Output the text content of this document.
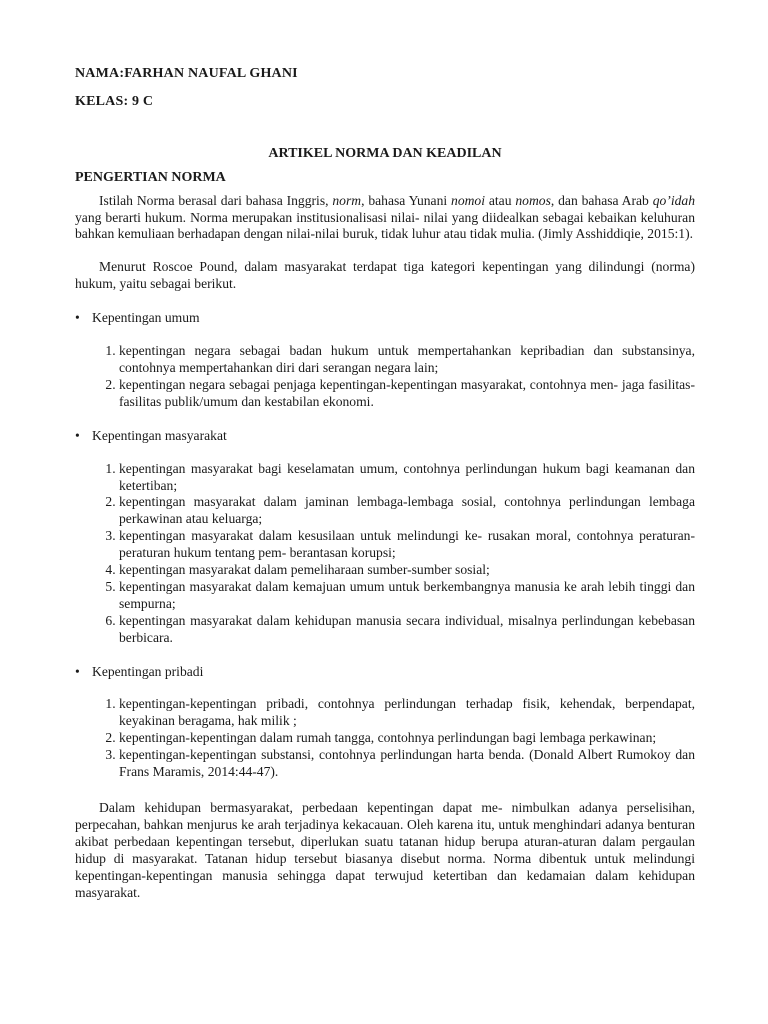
NAMA:FARHAN NAUFAL GHANI
KELAS: 9 C
ARTIKEL NORMA DAN KEADILAN
PENGERTIAN NORMA

Istilah Norma berasal dari bahasa Inggris, norm, bahasa Yunani nomoi atau nomos, dan bahasa Arab qo’idah yang berarti hukum. Norma merupakan institusionalisasi nilai- nilai yang diidealkan sebagai kebaikan keluhuran bahkan kemuliaan berhadapan dengan nilai-nilai buruk, tidak luhur atau tidak mulia. (Jimly Asshiddiqie, 2015:1).

Menurut Roscoe Pound, dalam masyarakat terdapat tiga kategori kepentingan yang dilindungi (norma) hukum, yaitu sebagai berikut.

• Kepentingan umum
1. kepentingan negara sebagai badan hukum untuk mempertahankan kepribadian dan substansinya, contohnya mempertahankan diri dari serangan negara lain;
2. kepentingan negara sebagai penjaga kepentingan-kepentingan masyarakat, contohnya men- jaga fasilitas-fasilitas publik/umum dan kestabilan ekonomi.
• Kepentingan masyarakat
1. kepentingan masyarakat bagi keselamatan umum, contohnya perlindungan hukum bagi keamanan dan ketertiban;
2. kepentingan masyarakat dalam jaminan lembaga-lembaga sosial, contohnya perlindungan lembaga perkawinan atau keluarga;
3. kepentingan masyarakat dalam kesusilaan untuk melindungi ke- rusakan moral, contohnya peraturan-peraturan hukum tentang pem- berantasan korupsi;
4. kepentingan masyarakat dalam pemeliharaan sumber-sumber sosial;
5. kepentingan masyarakat dalam kemajuan umum untuk berkembangnya manusia ke arah lebih tinggi dan sempurna;
6. kepentingan masyarakat dalam kehidupan manusia secara individual, misalnya perlindungan kebebasan berbicara.
• Kepentingan pribadi
1. kepentingan-kepentingan pribadi, contohnya perlindungan terhadap fisik, kehendak, berpendapat, keyakinan beragama, hak milik ;
2. kepentingan-kepentingan dalam rumah tangga, contohnya perlindungan bagi lembaga perkawinan;
3. kepentingan-kepentingan substansi, contohnya perlindungan harta benda. (Donald Albert Rumokoy dan Frans Maramis, 2014:44-47).

Dalam kehidupan bermasyarakat, perbedaan kepentingan dapat me- nimbulkan adanya perselisihan, perpecahan, bahkan menjurus ke arah terjadinya kekacauan. Oleh karena itu, untuk menghindari adanya benturan akibat perbedaan kepentingan tersebut, diperlukan suatu tatanan hidup berupa aturan-aturan dalam pergaulan hidup di masyarakat. Tatanan hidup tersebut biasanya disebut norma. Norma dibentuk untuk melindungi kepentingan-kepentingan manusia sehingga dapat terwujud ketertiban dan kedamaian dalam kehidupan masyarakat.
